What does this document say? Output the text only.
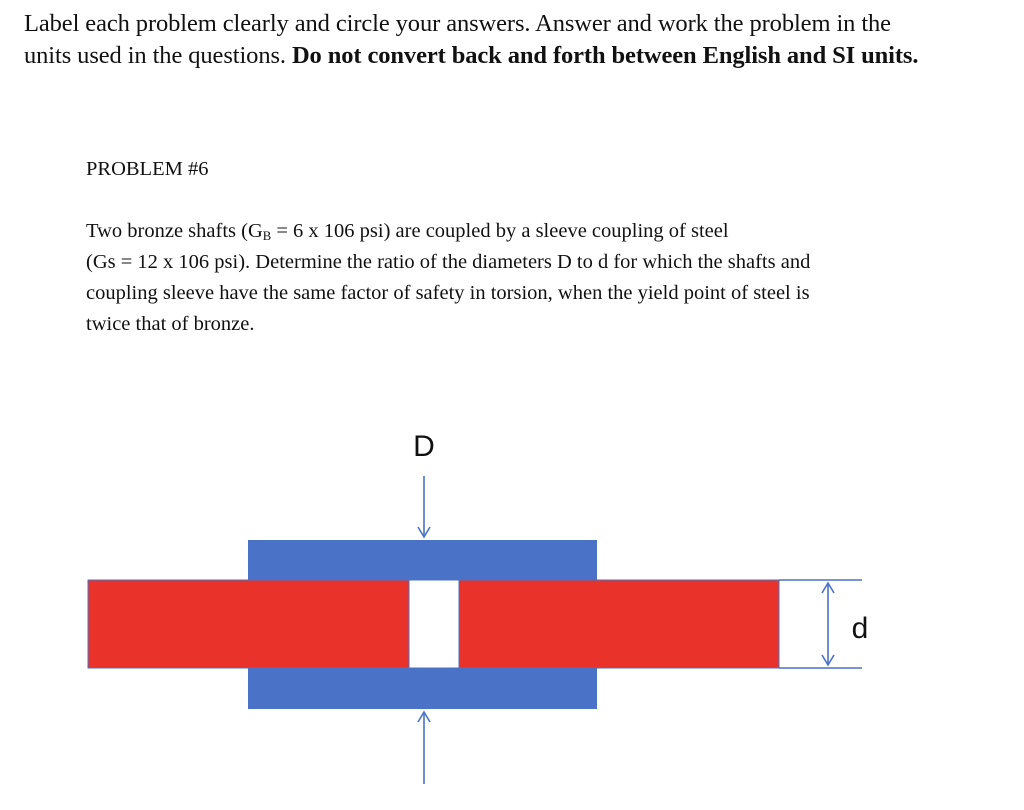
Label each problem clearly and circle your answers. Answer and work the problem in the
units used in the questions. Do not convert back and forth between English and SI units.
PROBLEM #6

Two bronze shafts ($G_B = 6$ x 106 psi) are coupled by a sleeve coupling of steel

(Gs = 12 x 106 psi). Determine the ratio of the diameters D to d for which the shafts and

coupling sleeve have the same factor of safety in torsion, when the yield point of steel is

twice that of bronze.

D
d
